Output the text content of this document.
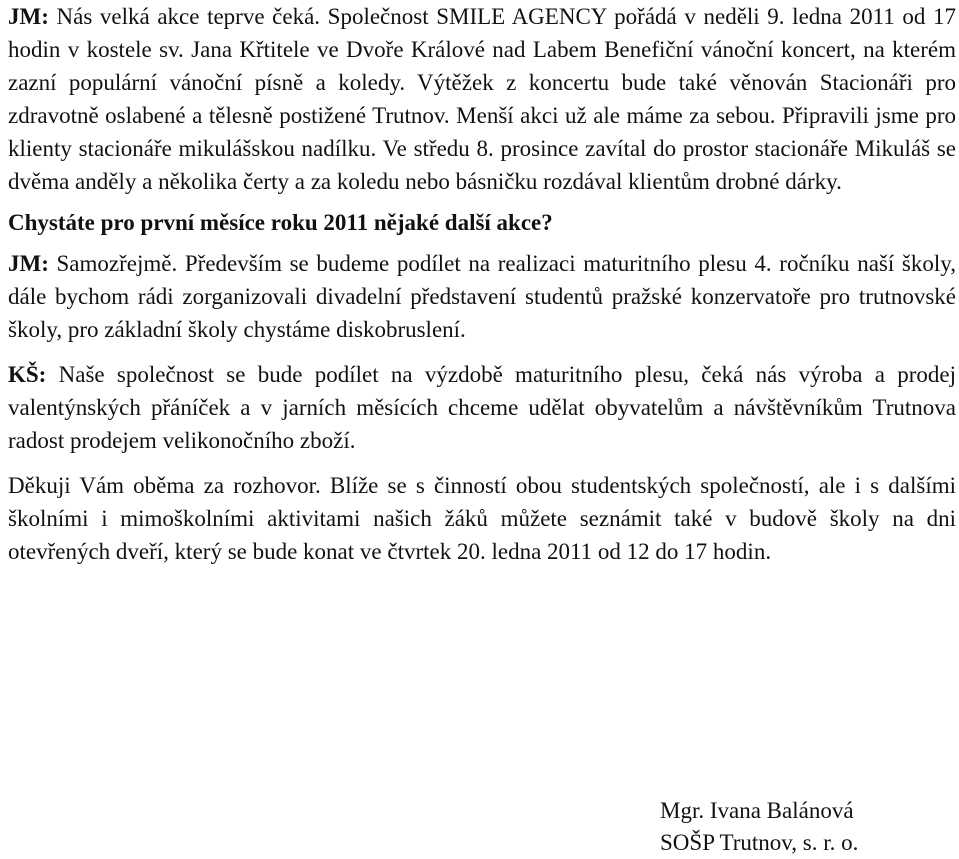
JM: Nás velká akce teprve čeká. Společnost SMILE AGENCY pořádá v neděli 9. ledna 2011 od 17 hodin v kostele sv. Jana Křtitele ve Dvoře Králové nad Labem Benefiční vánoční koncert, na kterém zazní populární vánoční písně a koledy. Výtěžek z koncertu bude také věnován Stacionáři pro zdravotně oslabené a tělesně postižené Trutnov. Menší akci už ale máme za sebou. Připravili jsme pro klienty stacionáře mikulášskou nadílku. Ve středu 8. prosince zavítal do prostor stacionáře Mikuláš se dvěma anděly a několika čerty a za koledu nebo básničku rozdával klientům drobné dárky.

Chystáte pro první měsíce roku 2011 nějaké další akce?

JM: Samozřejmě. Především se budeme podílet na realizaci maturitního plesu 4. ročníku naší školy, dále bychom rádi zorganizovali divadelní představení studentů pražské konzervatoře pro trutnovské školy, pro základní školy chystáme diskobruslení.

KŠ: Naše společnost se bude podílet na výzdobě maturitního plesu, čeká nás výroba a prodej valentýnských přáníček a v jarních měsících chceme udělat obyvatelům a návštěvníkům Trutnova radost prodejem velikonočního zboží.

Děkuji Vám oběma za rozhovor. Blíže se s činností obou studentských společností, ale i s dalšími školními i mimoškolními aktivitami našich žáků můžete seznámit také v budově školy na dni otevřených dveří, který se bude konat ve čtvrtek 20. ledna 2011 od 12 do 17 hodin.

Mgr. Ivana Balánová
SOŠP Trutnov, s. r. o.
